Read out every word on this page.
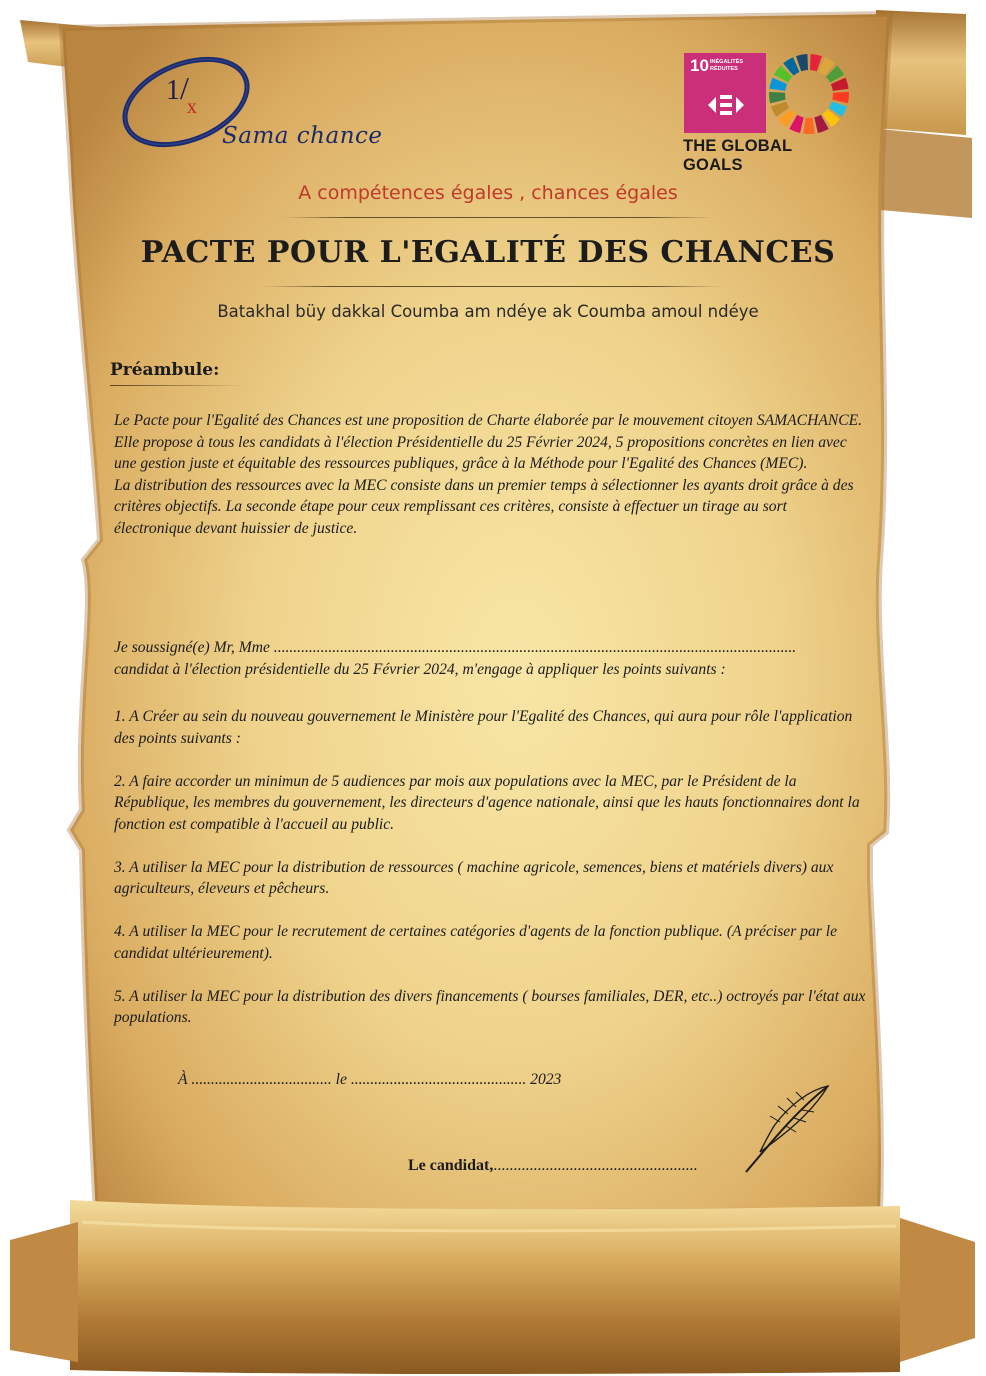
$1/_x$
Sama chance
10 INÉGALITÉS
RÉDUITES
THE GLOBAL GOALS
A compétences égales , chances égales
PACTE POUR L'EGALITÉ DES CHANCES
Batakhal büy dakkal Coumba am ndéye ak Coumba amoul ndéye
Préambule:

Le Pacte pour l'Egalité des Chances est une proposition de Charte élaborée par le mouvement citoyen SAMACHANCE.

Elle propose à tous les candidats à l'élection Présidentielle du 25 Février 2024, 5 propositions concrètes en lien avec une gestion juste et équitable des ressources publiques, grâce à la Méthode pour l'Egalité des Chances (MEC).

La distribution des ressources avec la MEC consiste dans un premier temps à sélectionner les ayants droit grâce à des critères objectifs. La seconde étape pour ceux remplissant ces critères, consiste à effectuer un tirage au sort électronique devant huissier de justice.

Je soussigné(e) Mr, Mme ......................................................................................................................................

candidat à l'élection présidentielle du 25 Février 2024, m'engage à appliquer les points suivants :

1. A Créer au sein du nouveau gouvernement le Ministère pour l'Egalité des Chances, qui aura pour rôle l'application des points suivants :

2. A faire accorder un minimun de 5 audiences par mois aux populations avec la MEC, par le Président de la République, les membres du gouvernement, les directeurs d'agence nationale, ainsi que les hauts fonctionnaires dont la fonction est compatible à l'accueil au public.

3. A utiliser la MEC pour la distribution de ressources ( machine agricole, semences, biens et matériels divers) aux agriculteurs, éleveurs et pêcheurs.

4. A utiliser la MEC pour le recrutement de certaines catégories d'agents de la fonction publique. (A préciser par le candidat ultérieurement).

5. A utiliser la MEC pour la distribution des divers financements ( bourses familiales, DER, etc..) octroyés par l'état aux populations.

À .................................... le ............................................. 2023
Le candidat,...................................................
